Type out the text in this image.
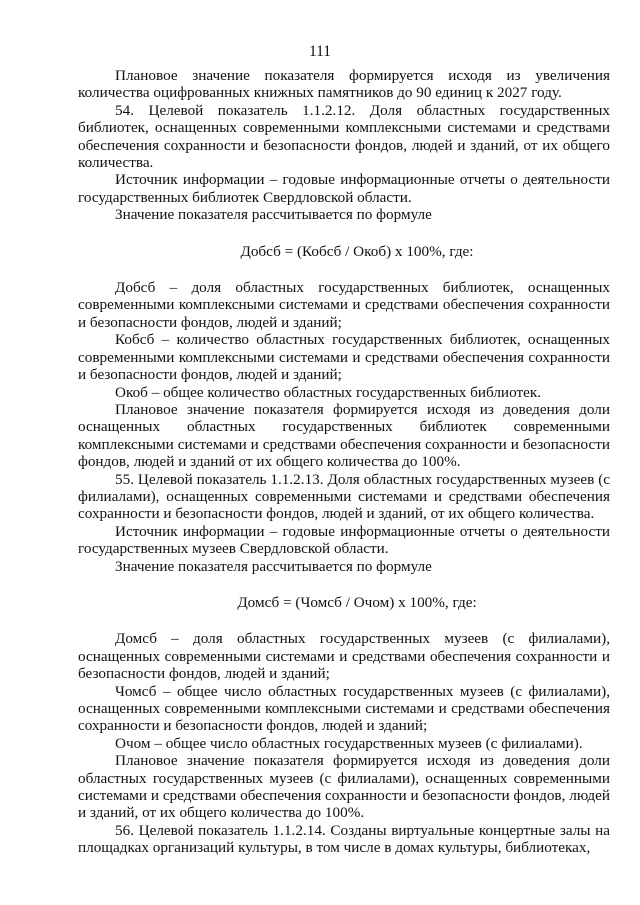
111

Плановое значение показателя формируется исходя из увеличения количества оцифрованных книжных памятников до 90 единиц к 2027 году.

54. Целевой показатель 1.1.2.12. Доля областных государственных библиотек, оснащенных современными комплексными системами и средствами обеспечения сохранности и безопасности фондов, людей и зданий, от их общего количества.

Источник информации – годовые информационные отчеты о деятельности государственных библиотек Свердловской области.

Значение показателя рассчитывается по формуле

Добсб = (Кобсб / Окоб) x 100%, где:

Добсб – доля областных государственных библиотек, оснащенных современными комплексными системами и средствами обеспечения сохранности и безопасности фондов, людей и зданий;

Кобсб – количество областных государственных библиотек, оснащенных современными комплексными системами и средствами обеспечения сохранности и безопасности фондов, людей и зданий;

Окоб – общее количество областных государственных библиотек.

Плановое значение показателя формируется исходя из доведения доли оснащенных областных государственных библиотек современными комплексными системами и средствами обеспечения сохранности и безопасности фондов, людей и зданий от их общего количества до 100%.

55. Целевой показатель 1.1.2.13. Доля областных государственных музеев (с филиалами), оснащенных современными системами и средствами обеспечения сохранности и безопасности фондов, людей и зданий, от их общего количества.

Источник информации – годовые информационные отчеты о деятельности государственных музеев Свердловской области.

Значение показателя рассчитывается по формуле

Домсб = (Чомсб / Очом) x 100%, где:

Домсб – доля областных государственных музеев (с филиалами), оснащенных современными системами и средствами обеспечения сохранности и безопасности фондов, людей и зданий;

Чомсб – общее число областных государственных музеев (с филиалами), оснащенных современными комплексными системами и средствами обеспечения сохранности и безопасности фондов, людей и зданий;

Очом – общее число областных государственных музеев (с филиалами).

Плановое значение показателя формируется исходя из доведения доли областных государственных музеев (с филиалами), оснащенных современными системами и средствами обеспечения сохранности и безопасности фондов, людей и зданий, от их общего количества до 100%.

56. Целевой показатель 1.1.2.14. Созданы виртуальные концертные залы на площадках организаций культуры, в том числе в домах культуры, библиотеках,
